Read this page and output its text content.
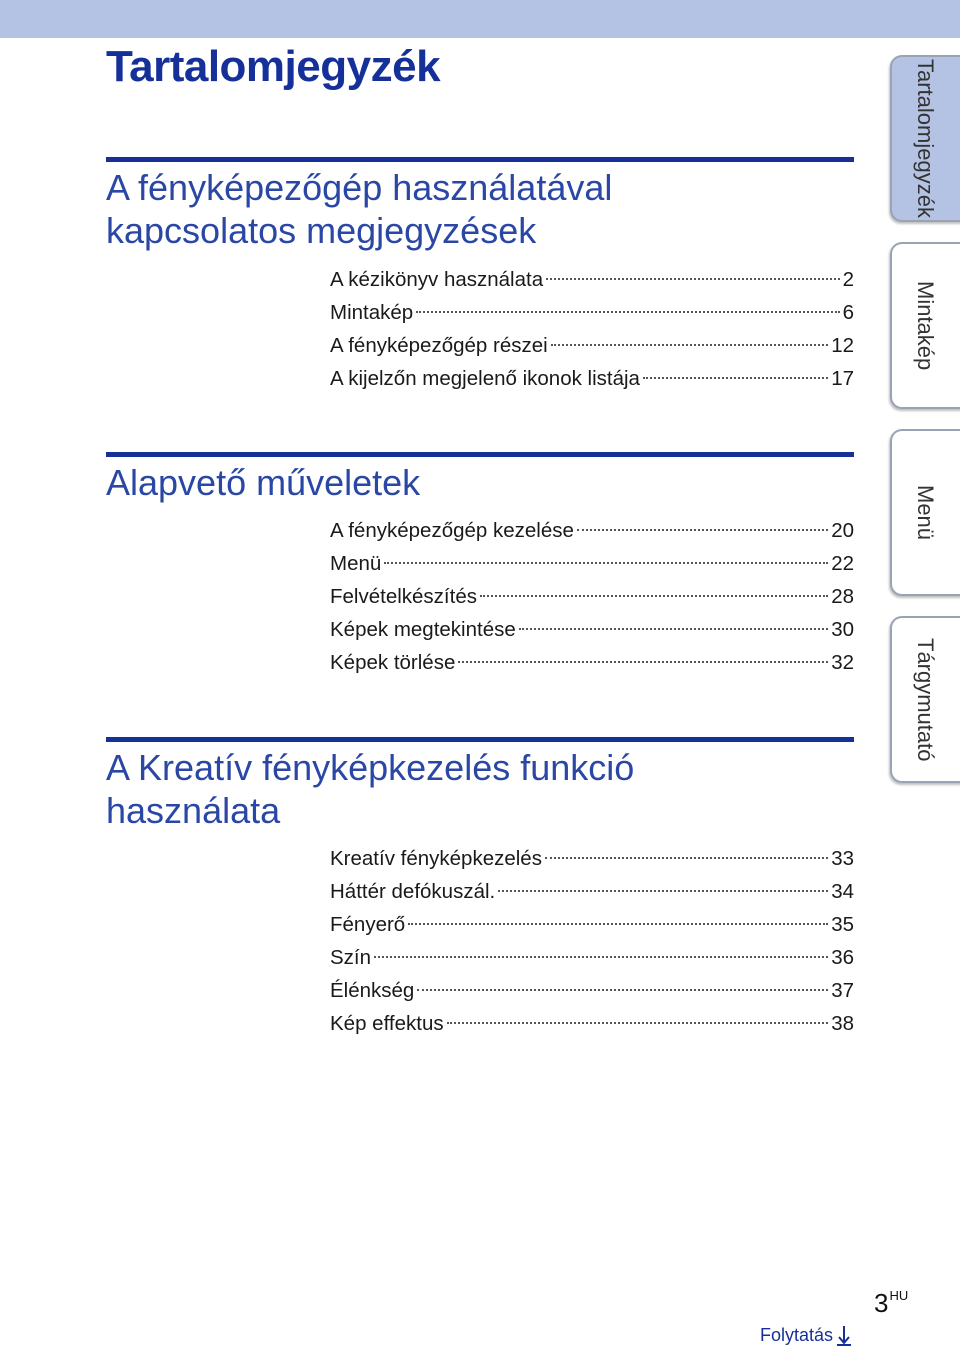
Tartalomjegyzék
A fényképezőgép használatával
kapcsolatos megjegyzések
A kézikönyv használata	2
Mintakép	6
A fényképezőgép részei	12
A kijelzőn megjelenő ikonok listája	17
Alapvető műveletek
A fényképezőgép kezelése	20
Menü	22
Felvételkészítés	28
Képek megtekintése	30
Képek törlése	32
A Kreatív fényképkezelés funkció
használata
Kreatív fényképkezelés	33
Háttér defókuszál.	34
Fényerő	35
Szín	36
Élénkség	37
Kép effektus	38
Tartalomjegyzék
Mintakép
Menü
Tárgymutató
$3^{HU}$
Folytatás
